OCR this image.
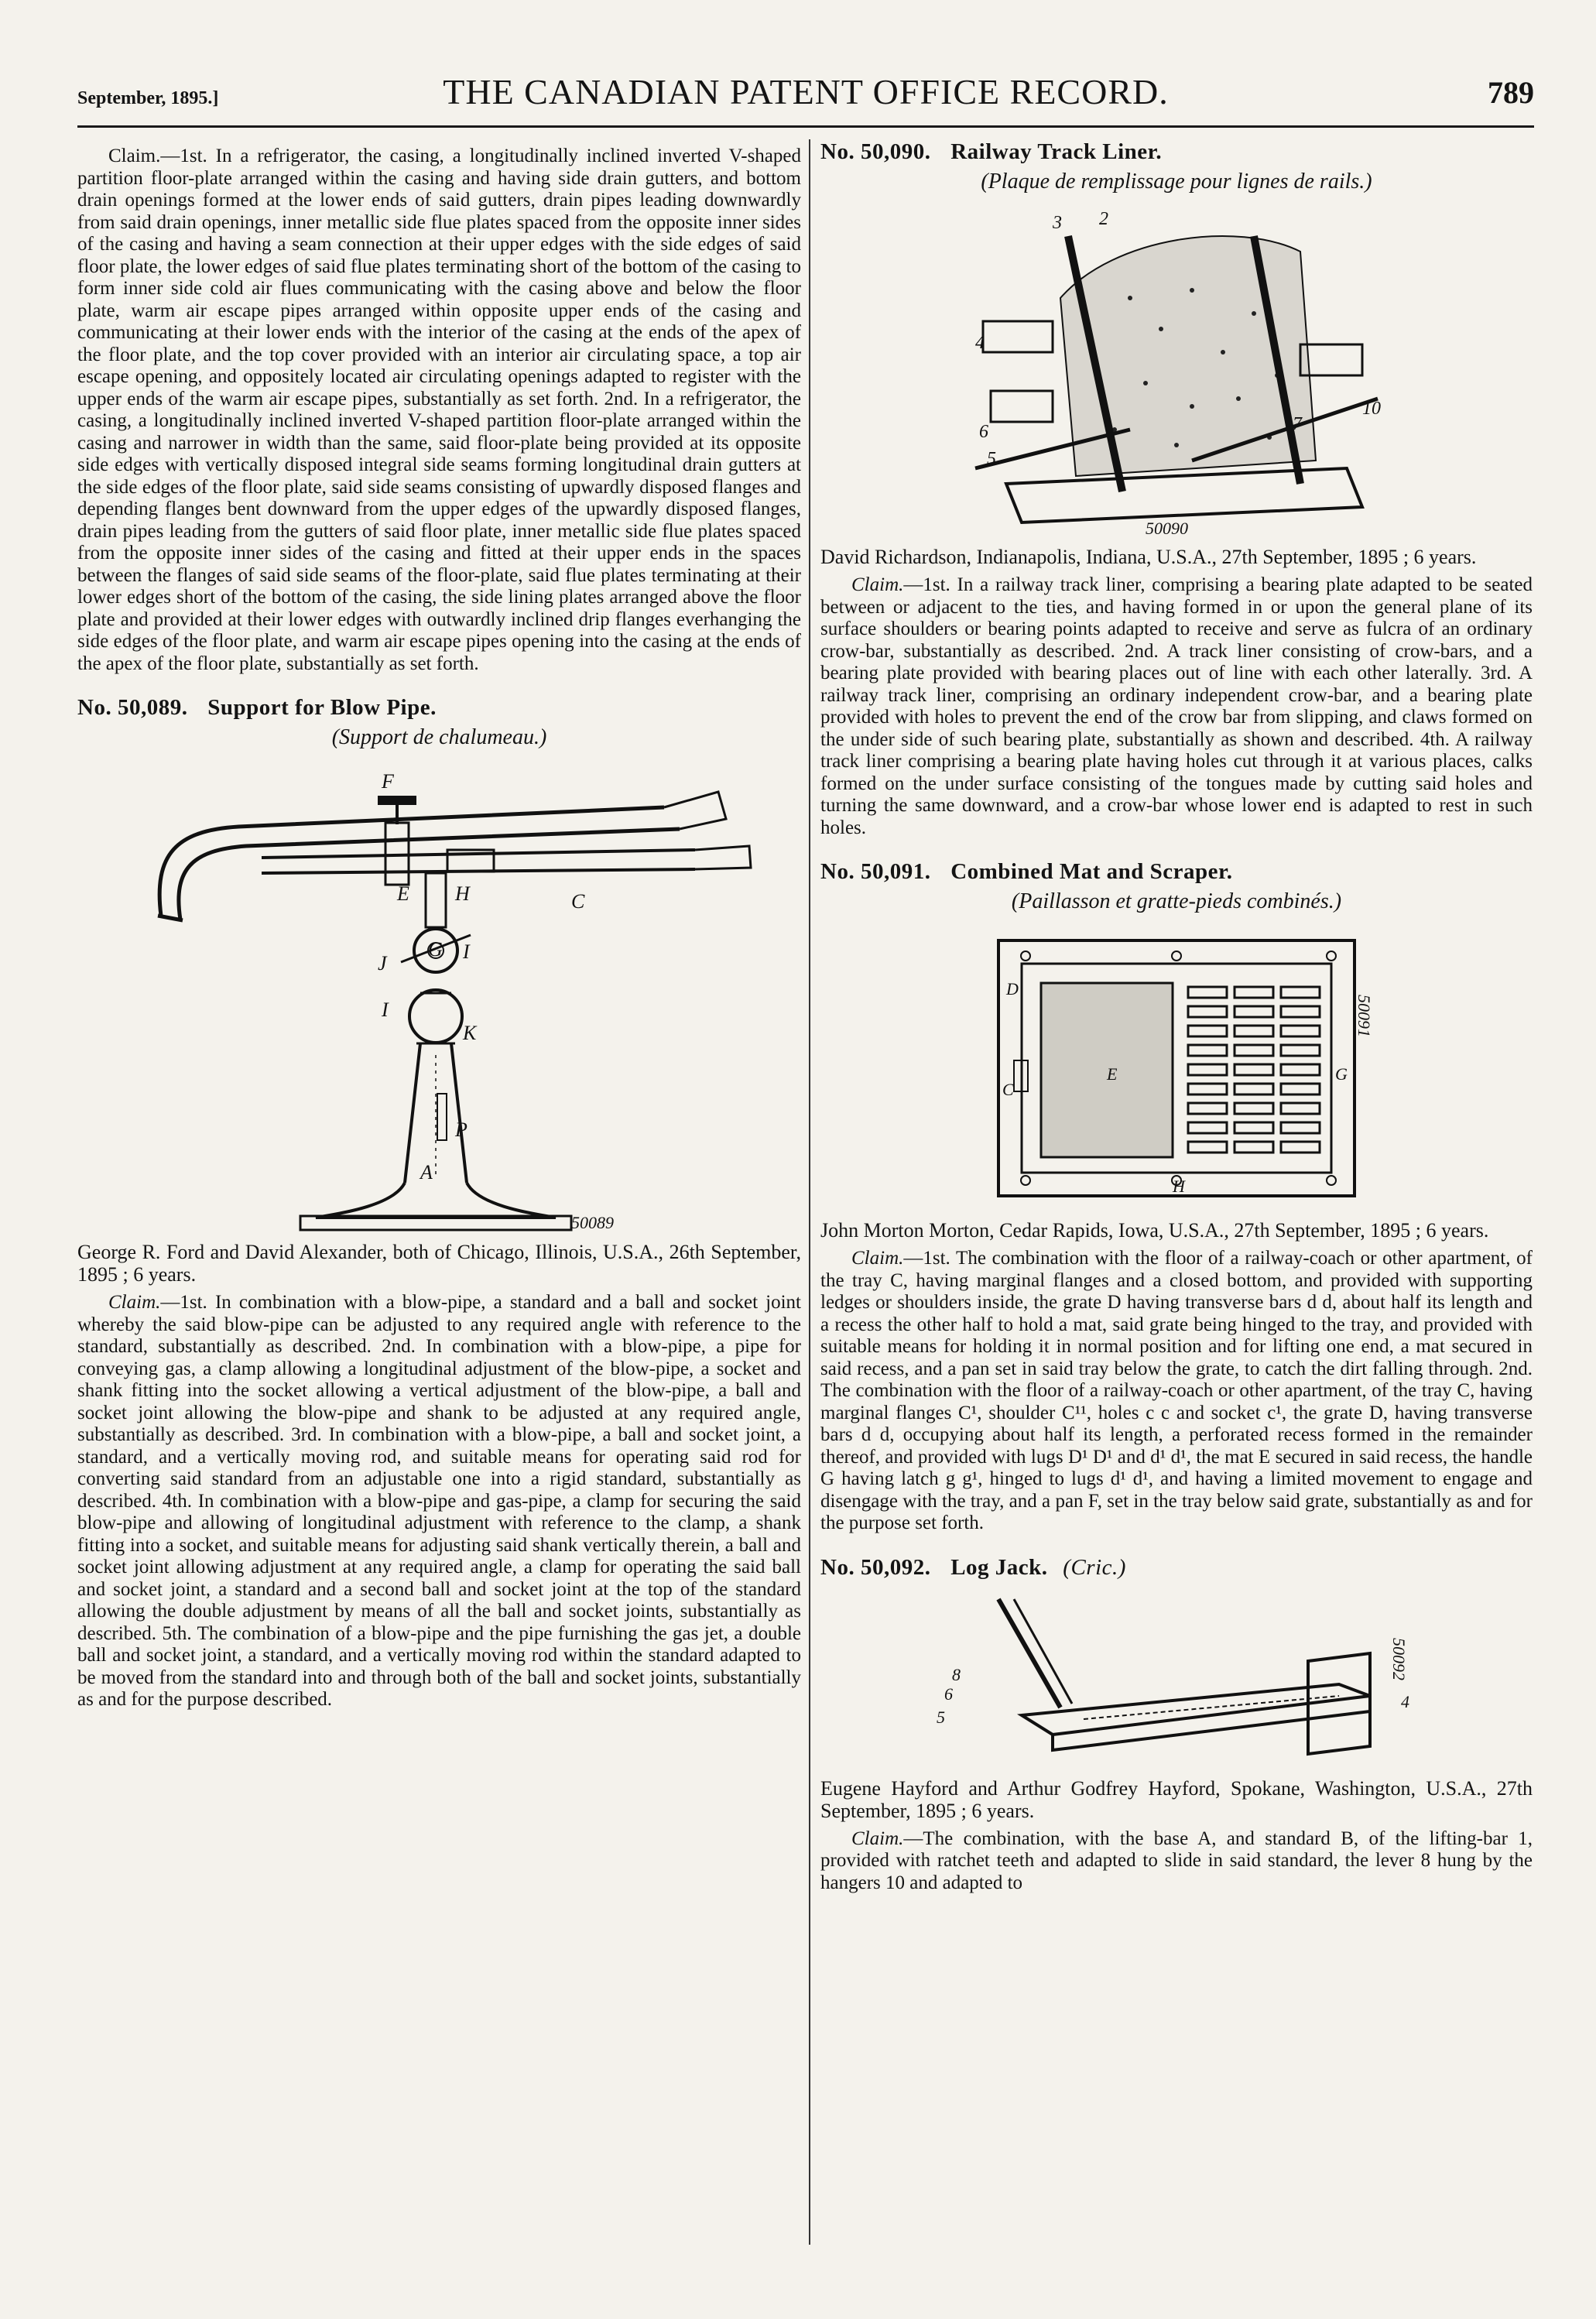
September, 1895.]	THE CANADIAN PATENT OFFICE RECORD.	789

Claim.—1st. In a refrigerator, the casing, a longitudinally inclined inverted V-shaped partition floor-plate arranged within the casing and having side drain gutters, and bottom drain openings formed at the lower ends of said gutters, drain pipes leading downwardly from said drain openings, inner metallic side flue plates spaced from the opposite inner sides of the casing and having a seam connection at their upper edges with the side edges of said floor plate, the lower edges of said flue plates terminating short of the bottom of the casing to form inner side cold air flues communicating with the casing above and below the floor plate, warm air escape pipes arranged within opposite upper ends of the casing and communicating at their lower ends with the interior of the casing at the ends of the apex of the floor plate, and the top cover provided with an interior air circulating space, a top air escape opening, and oppositely located air circulating openings adapted to register with the upper ends of the warm air escape pipes, substantially as set forth. 2nd. In a refrigerator, the casing, a longitudinally inclined inverted V-shaped partition floor-plate arranged within the casing and narrower in width than the same, said floor-plate being provided at its opposite side edges with vertically disposed integral side seams forming longitudinal drain gutters at the side edges of the floor plate, said side seams consisting of upwardly disposed flanges and depending flanges bent downward from the upper edges of the upwardly disposed flanges, drain pipes leading from the gutters of said floor plate, inner metallic side flue plates spaced from the opposite inner sides of the casing and fitted at their upper ends in the spaces between the flanges of said side seams of the floor-plate, said flue plates terminating at their lower edges short of the bottom of the casing, the side lining plates arranged above the floor plate and provided at their lower edges with outwardly inclined drip flanges everhanging the side edges of the floor plate, and warm air escape pipes opening into the casing at the ends of the apex of the floor plate, substantially as set forth.

No. 50,089. Support for Blow Pipe.
(Support de chalumeau.)
F
E H	C
G I
J
I
K
P
A
50089

George R. Ford and David Alexander, both of Chicago, Illinois, U.S.A., 26th September, 1895 ; 6 years.

Claim.—1st. In combination with a blow-pipe, a standard and a ball and socket joint whereby the said blow-pipe can be adjusted to any required angle with reference to the standard, substantially as described. 2nd. In combination with a blow-pipe, a pipe for conveying gas, a clamp allowing a longitudinal adjustment of the blow-pipe, a socket and shank fitting into the socket allowing a vertical adjustment of the blow-pipe, a ball and socket joint allowing the blow-pipe and shank to be adjusted at any required angle, substantially as described. 3rd. In combination with a blow-pipe, a ball and socket joint, a standard, and a vertically moving rod, and suitable means for operating said rod for converting said standard from an adjustable one into a rigid standard, substantially as described. 4th. In combination with a blow-pipe and gas-pipe, a clamp for securing the said blow-pipe and allowing of longitudinal adjustment with reference to the clamp, a shank fitting into a socket, and suitable means for adjusting said shank vertically therein, a ball and socket joint allowing adjustment at any required angle, a clamp for operating the said ball and socket joint, a standard and a second ball and socket joint at the top of the standard allowing the double adjustment by means of all the ball and socket joints, substantially as described. 5th. The combination of a blow-pipe and the pipe furnishing the gas jet, a double ball and socket joint, a standard, and a vertically moving rod within the standard adapted to be moved from the standard into and through both of the ball and socket joints, substantially as and for the purpose described.

No. 50,090. Railway Track Liner.
(Plaque de remplissage pour lignes de rails.)
3 2
4
7
10
5
6
50090

David Richardson, Indianapolis, Indiana, U.S.A., 27th September, 1895 ; 6 years.

Claim.—1st. In a railway track liner, comprising a bearing plate adapted to be seated between or adjacent to the ties, and having formed in or upon the general plane of its surface shoulders or bearing points adapted to receive and serve as fulcra of an ordinary crow-bar, substantially as described. 2nd. A track liner consisting of crow-bars, and a bearing plate provided with bearing places out of line with each other laterally. 3rd. A railway track liner, comprising an ordinary independent crow-bar, and a bearing plate provided with holes to prevent the end of the crow bar from slipping, and claws formed on the under side of such bearing plate, substantially as shown and described. 4th. A railway track liner comprising a bearing plate having holes cut through it at various places, calks formed on the under surface consisting of the tongues made by cutting said holes and turning the same downward, and a crow-bar whose lower end is adapted to rest in such holes.

No. 50,091. Combined Mat and Scraper.
(Paillasson et gratte-pieds combinés.)
C
D
H
E	G
50091

John Morton Morton, Cedar Rapids, Iowa, U.S.A., 27th September, 1895 ; 6 years.

Claim.—1st. The combination with the floor of a railway-coach or other apartment, of the tray C, having marginal flanges and a closed bottom, and provided with supporting ledges or shoulders inside, the grate D having transverse bars d d, about half its length and a recess the other half to hold a mat, said grate being hinged to the tray, and provided with suitable means for holding it in normal position and for lifting one end, a mat secured in said recess, and a pan set in said tray below the grate, to catch the dirt falling through. 2nd. The combination with the floor of a railway-coach or other apartment, of the tray C, having marginal flanges C¹, shoulder C¹¹, holes c c and socket c¹, the grate D, having transverse bars d d, occupying about half its length, a perforated recess formed in the remainder thereof, and provided with lugs D¹ D¹ and d¹ d¹, the mat E secured in said recess, the handle G having latch g g¹, hinged to lugs d¹ d¹, and having a limited movement to engage and disengage with the tray, and a pan F, set in the tray below said grate, substantially as and for the purpose set forth.

No. 50,092. Log Jack. (Cric.)
5
6
8
4
50092

Eugene Hayford and Arthur Godfrey Hayford, Spokane, Washington, U.S.A., 27th September, 1895 ; 6 years.

Claim.—The combination, with the base A, and standard B, of the lifting-bar 1, provided with ratchet teeth and adapted to slide in said standard, the lever 8 hung by the hangers 10 and adapted to
